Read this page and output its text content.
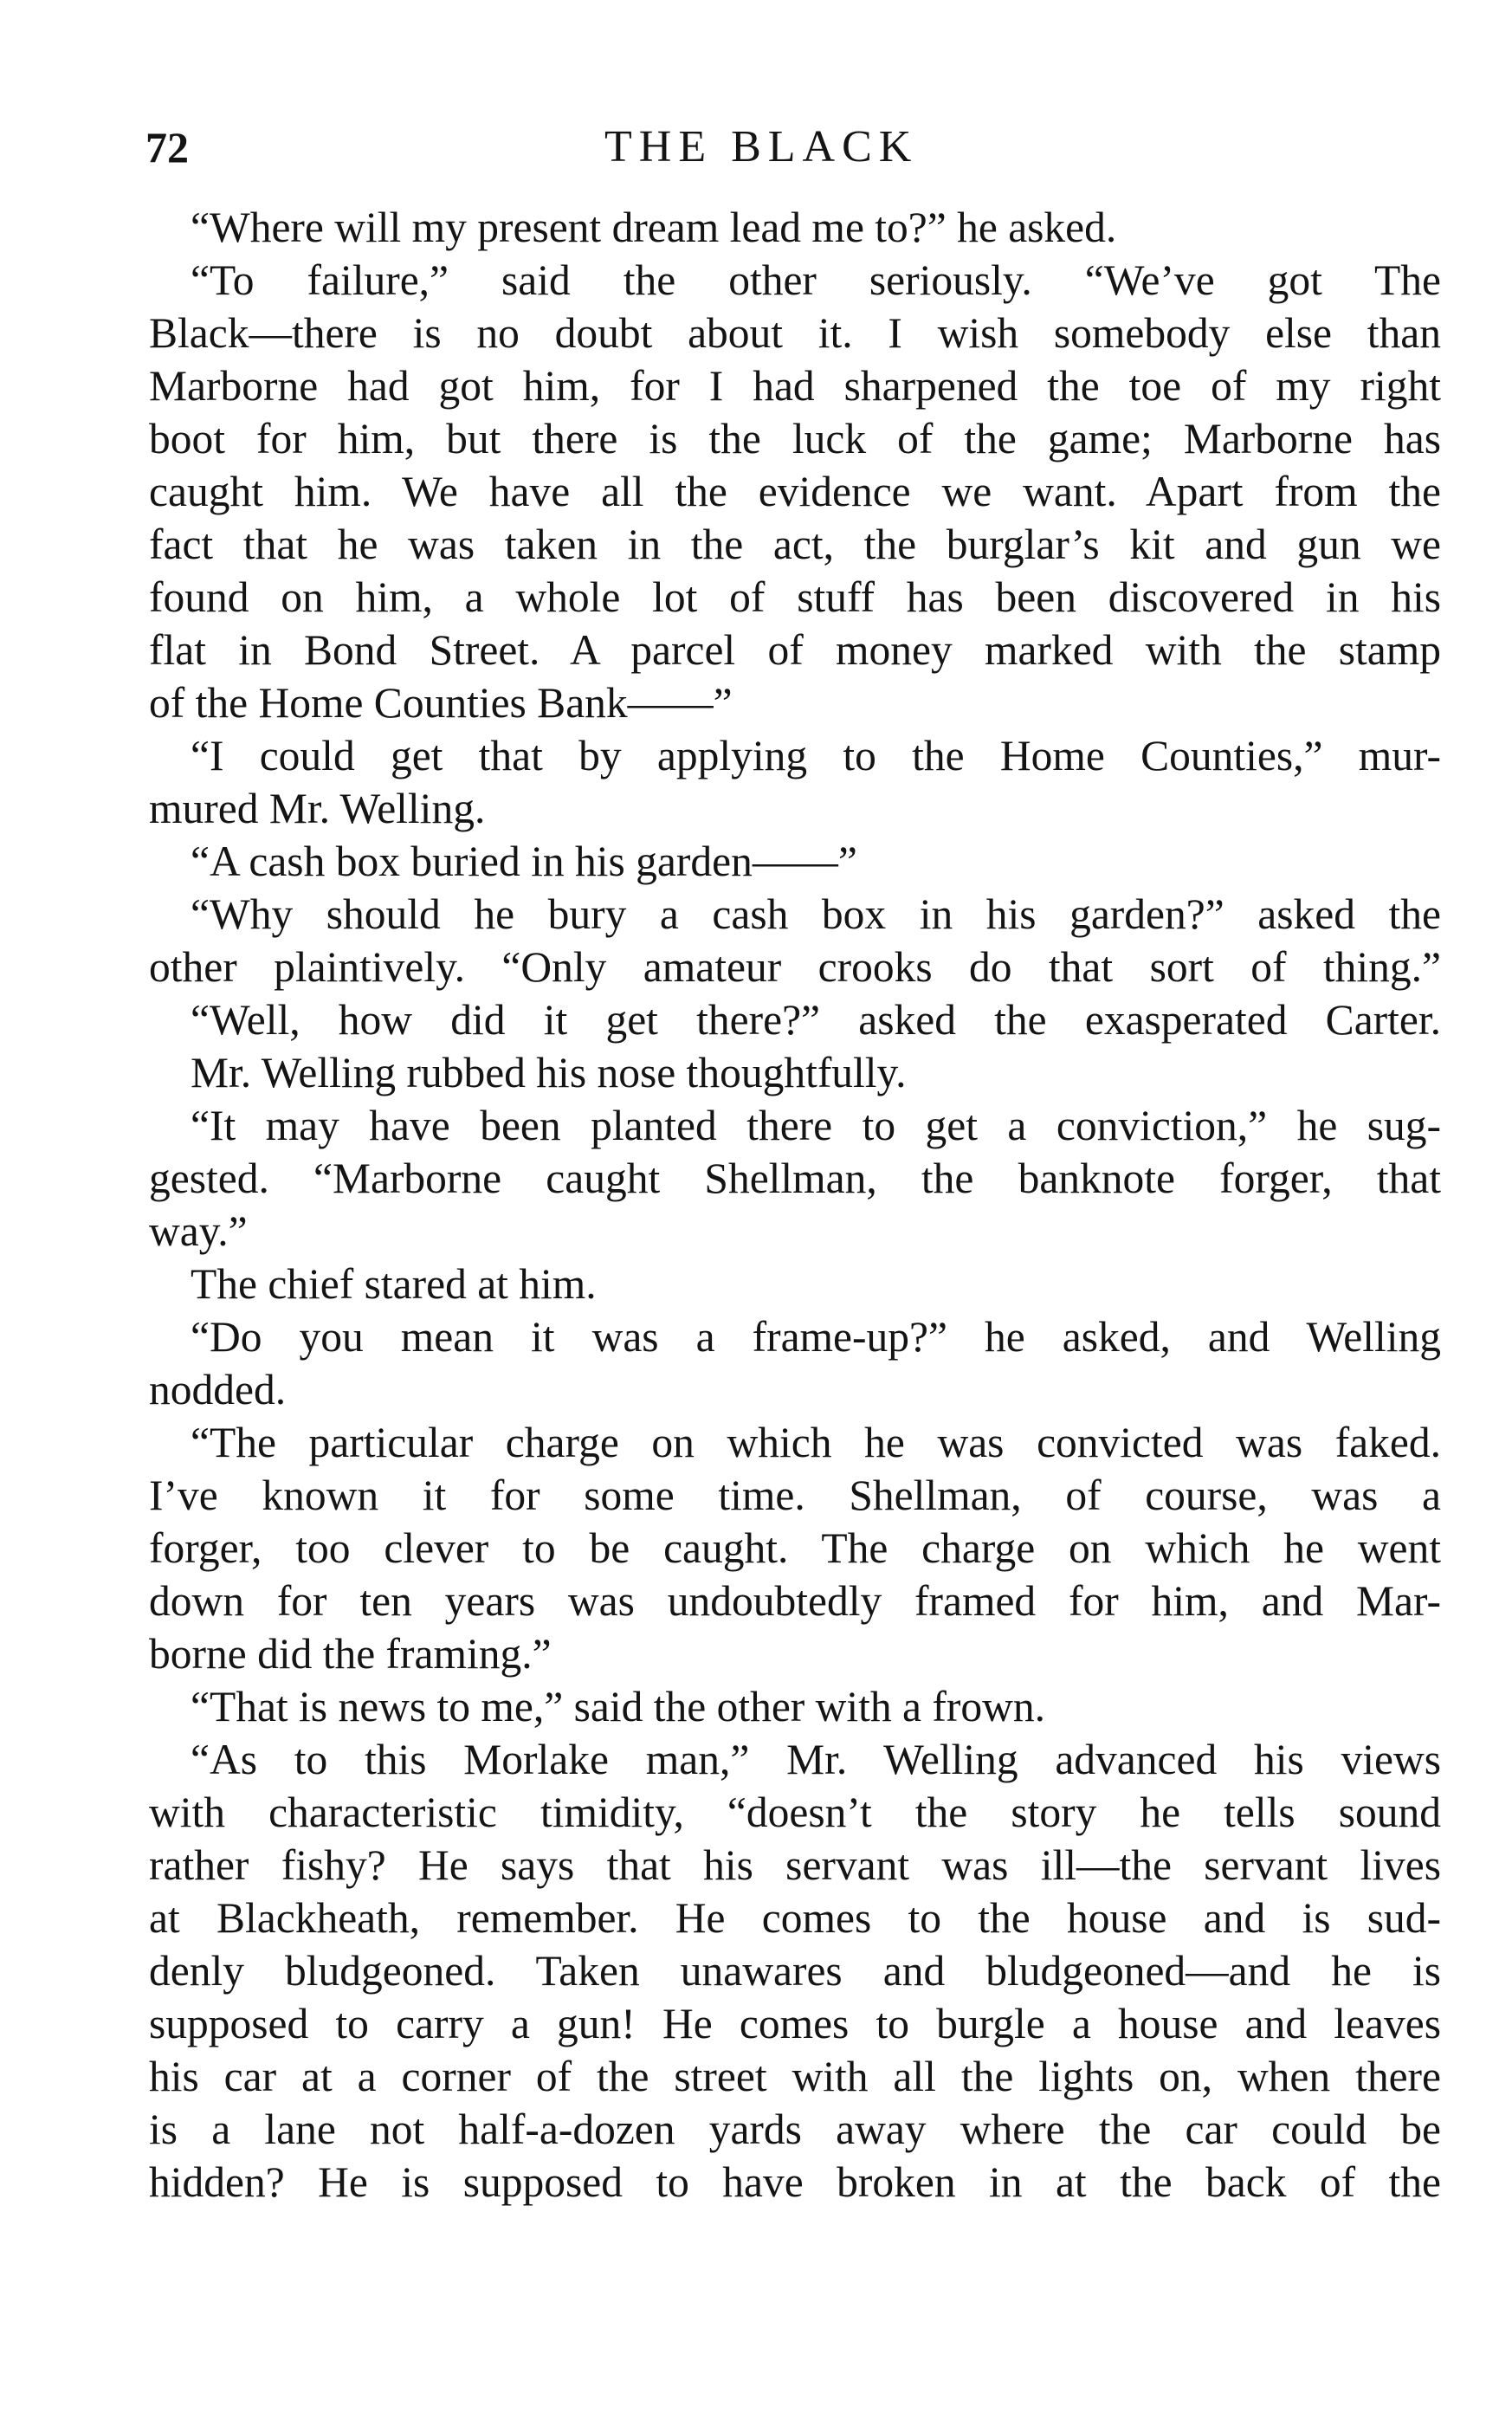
72	THE BLACK
“Where will my present dream lead me to?” he asked.
“To failure,” said the other seriously. “We’ve got The
Black—there is no doubt about it. I wish somebody else than
Marborne had got him, for I had sharpened the toe of my right
boot for him, but there is the luck of the game; Marborne has
caught him. We have all the evidence we want. Apart from the
fact that he was taken in the act, the burglar’s kit and gun we
found on him, a whole lot of stuff has been discovered in his
flat in Bond Street. A parcel of money marked with the stamp
of the Home Counties Bank——”
“I could get that by applying to the Home Counties,” mur-
mured Mr. Welling.
“A cash box buried in his garden——”
“Why should he bury a cash box in his garden?” asked the
other plaintively. “Only amateur crooks do that sort of thing.”
“Well, how did it get there?” asked the exasperated Carter.
Mr. Welling rubbed his nose thoughtfully.
“It may have been planted there to get a conviction,” he sug-
gested. “Marborne caught Shellman, the banknote forger, that
way.”
The chief stared at him.
“Do you mean it was a frame-up?” he asked, and Welling
nodded.
“The particular charge on which he was convicted was faked.
I’ve known it for some time. Shellman, of course, was a
forger, too clever to be caught. The charge on which he went
down for ten years was undoubtedly framed for him, and Mar-
borne did the framing.”
“That is news to me,” said the other with a frown.
“As to this Morlake man,” Mr. Welling advanced his views
with characteristic timidity, “doesn’t the story he tells sound
rather fishy? He says that his servant was ill—the servant lives
at Blackheath, remember. He comes to the house and is sud-
denly bludgeoned. Taken unawares and bludgeoned—and he is
supposed to carry a gun! He comes to burgle a house and leaves
his car at a corner of the street with all the lights on, when there
is a lane not half-a-dozen yards away where the car could be
hidden? He is supposed to have broken in at the back of the
